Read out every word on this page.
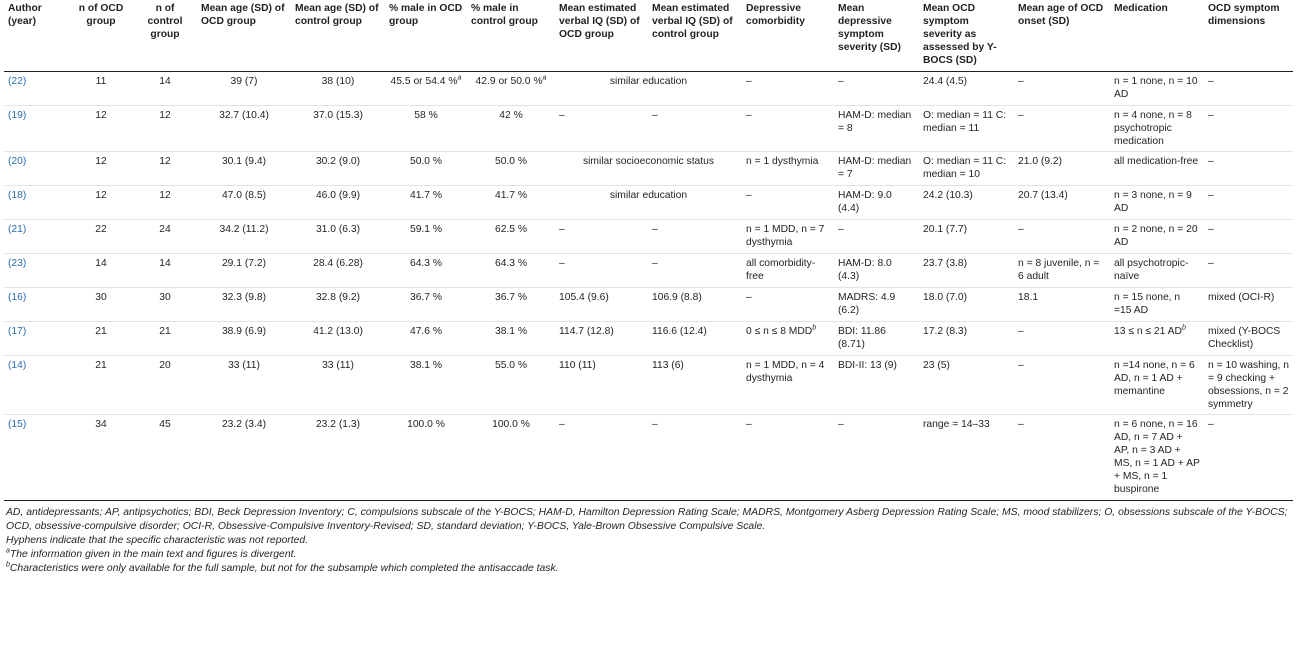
Author (year)	n of OCD group	n of control group	Mean age (SD) of OCD group	Mean age (SD) of control group	% male in OCD group	% male in control group	Mean estimated verbal IQ (SD) of OCD group	Mean estimated verbal IQ (SD) of control group	Depressive comorbidity	Mean depressive symptom severity (SD)	Mean OCD symptom severity as assessed by Y-BOCS (SD)	Mean age of OCD onset (SD)	Medication	OCD symptom dimensions
(22)	11	14	39 (7)	38 (10)	45.5 or 54.4 %$^a$	42.9 or 50.0 %$^a$	similar education		–	–	24.4 (4.5)	–	n = 1 none, n = 10 AD	–
(19)	12	12	32.7 (10.4)	37.0 (15.3)	58 %	42 %	–	–	–	HAM-D: median = 8	O: median = 11 C: median = 11	–	n = 4 none, n = 8 psychotropic medication	–
(20)	12	12	30.1 (9.4)	30.2 (9.0)	50.0 %	50.0 %	similar socioeconomic status		n = 1 dysthymia	HAM-D: median = 7	O: median = 11 C: median = 10	21.0 (9.2)	all medication-free	–
(18)	12	12	47.0 (8.5)	46.0 (9.9)	41.7 %	41.7 %	similar education		–	HAM-D: 9.0 (4.4)	24.2 (10.3)	20.7 (13.4)	n = 3 none, n = 9 AD	–
(21)	22	24	34.2 (11.2)	31.0 (6.3)	59.1 %	62.5 %	–	–	n = 1 MDD, n = 7 dysthymia	–	20.1 (7.7)	–	n = 2 none, n = 20 AD	–
(23)	14	14	29.1 (7.2)	28.4 (6.28)	64.3 %	64.3 %	–	–	all comorbidity-free	HAM-D: 8.0 (4.3)	23.7 (3.8)	n = 8 juvenile, n = 6 adult	all psychotropic-naïve	–
(16)	30	30	32.3 (9.8)	32.8 (9.2)	36.7 %	36.7 %	105.4 (9.6)	106.9 (8.8)	–	MADRS: 4.9 (6.2)	18.0 (7.0)	18.1	n = 15 none, n =15 AD	mixed (OCI-R)
(17)	21	21	38.9 (6.9)	41.2 (13.0)	47.6 %	38.1 %	114.7 (12.8)	116.6 (12.4)	0 ≤ n ≤ 8 MDD$^b$	BDI: 11.86 (8.71)	17.2 (8.3)	–	13 ≤ n ≤ 21 $AD^b$	mixed (Y-BOCS Checklist)
(14)	21	20	33 (11)	33 (11)	38.1 %	55.0 %	110 (11)	113 (6)	n = 1 MDD, n = 4 dysthymia	BDI-II: 13 (9)	23 (5)	–	n =14 none, n = 6 AD, n = 1 AD + memantine	n = 10 washing, n = 9 checking + obsessions, n = 2 symmetry
(15)	34	45	23.2 (3.4)	23.2 (1.3)	100.0 %	100.0 %	–	–	–	–	range = 14–33	–	n = 6 none, n = 16 AD, n = 7 AD + AP, n = 3 AD + MS, n = 1 AD + AP + MS, n = 1 buspirone	–

AD, antidepressants; AP, antipsychotics; BDI, Beck Depression Inventory; C, compulsions subscale of the Y-BOCS; HAM-D, Hamilton Depression Rating Scale; MADRS, Montgomery Asberg Depression Rating Scale; MS, mood stabilizers; O, obsessions subscale of the Y-BOCS; OCD, obsessive-compulsive disorder; OCI-R, Obsessive-Compulsive Inventory-Revised; SD, standard deviation; Y-BOCS, Yale-Brown Obsessive Compulsive Scale.

Hyphens indicate that the specific characteristic was not reported.

$^a$The information given in the main text and figures is divergent.

$^b$Characteristics were only available for the full sample, but not for the subsample which completed the antisaccade task.
